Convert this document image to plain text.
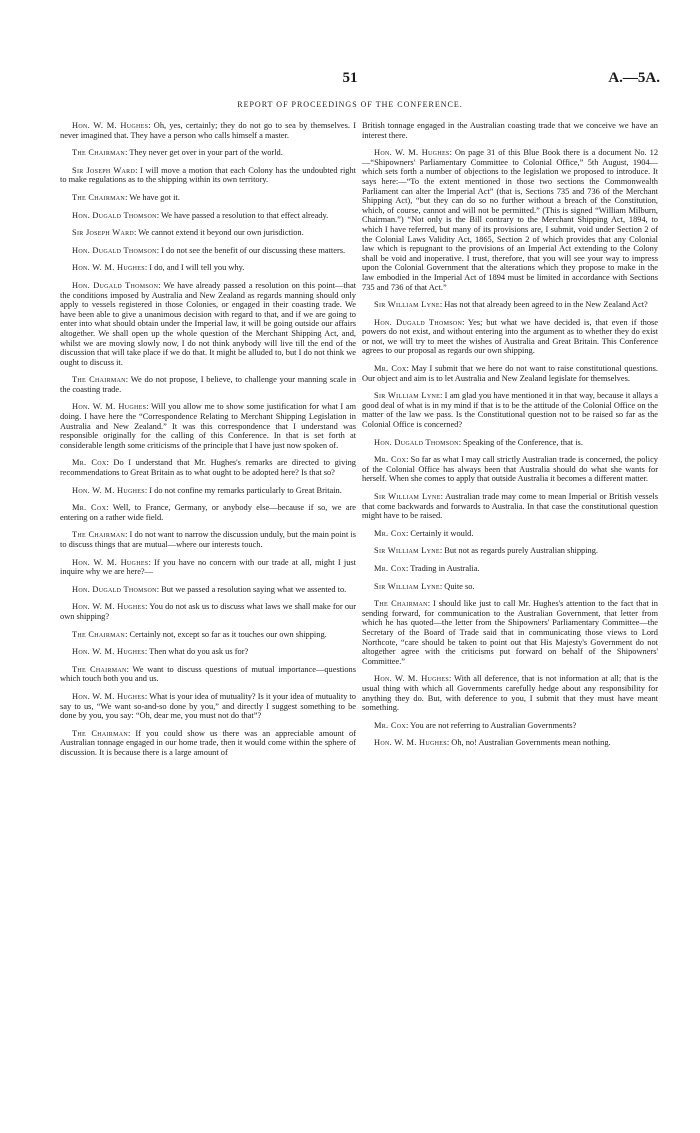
51	A.—5A.
REPORT OF PROCEEDINGS OF THE CONFERENCE.

Hon. W. M. Hughes: Oh, yes, certainly; they do not go to sea by themselves. I never imagined that. They have a person who calls himself a master.

The Chairman: They never get over in your part of the world.

Sir Joseph Ward: I will move a motion that each Colony has the undoubted right to make regulations as to the shipping within its own territory.

The Chairman: We have got it.

Hon. Dugald Thomson: We have passed a resolution to that effect already.

Sir Joseph Ward: We cannot extend it beyond our own jurisdiction.

Hon. Dugald Thomson: I do not see the benefit of our discussing these matters.

Hon. W. M. Hughes: I do, and I will tell you why.

Hon. Dugald Thomson: We have already passed a resolution on this point—that the conditions imposed by Australia and New Zealand as regards manning should only apply to vessels registered in those Colonies, or engaged in their coasting trade. We have been able to give a unanimous decision with regard to that, and if we are going to enter into what should obtain under the Imperial law, it will be going outside our affairs altogether. We shall open up the whole question of the Merchant Shipping Act, and, whilst we are moving slowly now, I do not think anybody will live till the end of the discussion that will take place if we do that. It might be alluded to, but I do not think we ought to discuss it.

The Chairman: We do not propose, I believe, to challenge your manning scale in the coasting trade.

Hon. W. M. Hughes: Will you allow me to show some justification for what I am doing. I have here the “Correspondence Relating to Merchant Shipping Legislation in Australia and New Zealand.” It was this correspondence that I understand was responsible originally for the calling of this Conference. In that is set forth at considerable length some criticisms of the principle that I have just now spoken of.

Mr. Cox: Do I understand that Mr. Hughes's remarks are directed to giving recommendations to Great Britain as to what ought to be adopted here? Is that so?

Hon. W. M. Hughes: I do not confine my remarks particularly to Great Britain.

Mr. Cox: Well, to France, Germany, or anybody else—because if so, we are entering on a rather wide field.

The Chairman: I do not want to narrow the discussion unduly, but the main point is to discuss things that are mutual—where our interests touch.

Hon. W. M. Hughes: If you have no concern with our trade at all, might I just inquire why we are here?—

Hon. Dugald Thomson: But we passed a resolution saying what we assented to.

Hon. W. M. Hughes: You do not ask us to discuss what laws we shall make for our own shipping?

The Chairman: Certainly not, except so far as it touches our own shipping.

Hon. W. M. Hughes: Then what do you ask us for?

The Chairman: We want to discuss questions of mutual importance—questions which touch both you and us.

Hon. W. M. Hughes: What is your idea of mutuality? Is it your idea of mutuality to say to us, “We want so-and-so done by you,” and directly I suggest something to be done by you, you say: “Oh, dear me, you must not do that”?

The Chairman: If you could show us there was an appreciable amount of Australian tonnage engaged in our home trade, then it would come within the sphere of discussion. It is because there is a large amount of

British tonnage engaged in the Australian coasting trade that we conceive we have an interest there.

Hon. W. M. Hughes: On page 31 of this Blue Book there is a document No. 12—“Shipowners' Parliamentary Committee to Colonial Office,” 5th August, 1904—which sets forth a number of objections to the legislation we proposed to introduce. It says here:—“To the extent mentioned in those two sections the Commonwealth Parliament can alter the Imperial Act” (that is, Sections 735 and 736 of the Merchant Shipping Act), “but they can do so no further without a breach of the Constitution, which, of course, cannot and will not be permitted.” (This is signed “William Milburn, Chairman.”) “Not only is the Bill contrary to the Merchant Shipping Act, 1894, to which I have referred, but many of its provisions are, I submit, void under Section 2 of the Colonial Laws Validity Act, 1865, Section 2 of which provides that any Colonial law which is repugnant to the provisions of an Imperial Act extending to the Colony shall be void and inoperative. I trust, therefore, that you will see your way to impress upon the Colonial Government that the alterations which they propose to make in the law embodied in the Imperial Act of 1894 must be limited in accordance with Sections 735 and 736 of that Act.”

Sir William Lyne: Has not that already been agreed to in the New Zealand Act?

Hon. Dugald Thomson: Yes; but what we have decided is, that even if those powers do not exist, and without entering into the argument as to whether they do exist or not, we will try to meet the wishes of Australia and Great Britain. This Conference agrees to our proposal as regards our own shipping.

Mr. Cox: May I submit that we here do not want to raise constitutional questions. Our object and aim is to let Australia and New Zealand legislate for themselves.

Sir William Lyne: I am glad you have mentioned it in that way, because it allays a good deal of what is in my mind if that is to be the attitude of the Colonial Office on the matter of the law we pass. Is the Constitutional question not to be raised so far as the Colonial Office is concerned?

Hon. Dugald Thomson: Speaking of the Conference, that is.

Mr. Cox: So far as what I may call strictly Australian trade is concerned, the policy of the Colonial Office has always been that Australia should do what she wants for herself. When she comes to apply that outside Australia it becomes a different matter.

Sir William Lyne: Australian trade may come to mean Imperial or British vessels that come backwards and forwards to Australia. In that case the constitutional question might have to be raised.

Mr. Cox: Certainly it would.

Sir William Lyne: But not as regards purely Australian shipping.

Mr. Cox: Trading in Australia.

Sir William Lyne: Quite so.

The Chairman: I should like just to call Mr. Hughes's attention to the fact that in sending forward, for communication to the Australian Government, that letter from which he has quoted—the letter from the Shipowners' Parliamentary Committee—the Secretary of the Board of Trade said that in communicating those views to Lord Northcote, “care should be taken to point out that His Majesty's Government do not altogether agree with the criticisms put forward on behalf of the Shipowners' Committee.”

Hon. W. M. Hughes: With all deference, that is not information at all; that is the usual thing with which all Governments carefully hedge about any responsibility for anything they do. But, with deference to you, I submit that they must have meant something.

Mr. Cox: You are not referring to Australian Governments?

Hon. W. M. Hughes: Oh, no! Australian Governments mean nothing.
